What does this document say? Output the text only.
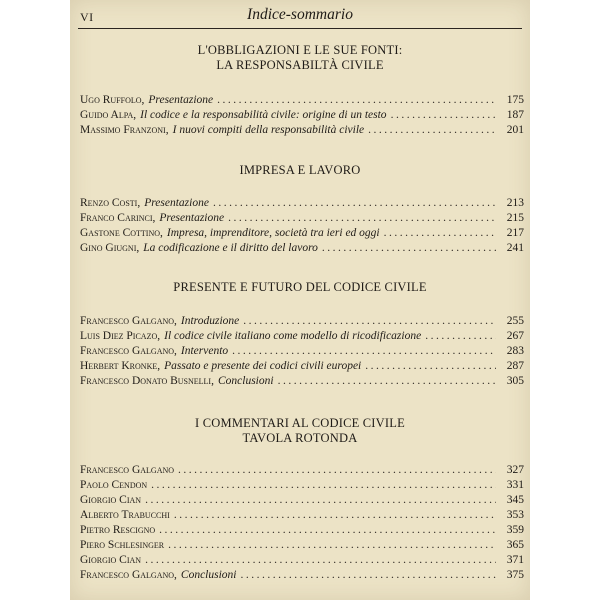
VI	Indice-sommario
L'OBBLIGAZIONI E LE SUE FONTI:
LA RESPONSABILTÀ CIVILE
Ugo Ruffolo , Presentazione .....	175
Guido Alpa , Il codice e la responsabilità civile: origine di un testo .....	187
Massimo Franzoni , I nuovi compiti della responsabilità civile .....	201
IMPRESA E LAVORO
Renzo Costi , Presentazione .....	213
Franco Carinci , Presentazione .....	215
Gastone Cottino , Impresa, imprenditore, società tra ieri ed oggi .....	217
Gino Giugni , La codificazione e il diritto del lavoro .....	241
PRESENTE E FUTURO DEL CODICE CIVILE
Francesco Galgano , Introduzione .....	255
Luis Diez Picazo , Il codice civile italiano come modello di ricodificazione .....	267
Francesco Galgano , Intervento .....	283
Herbert Kronke , Passato e presente dei codici civili europei .....	287
Francesco Donato Busnelli , Conclusioni .....	305
I COMMENTARI AL CODICE CIVILE
TAVOLA ROTONDA
Francesco Galgano .....	327
Paolo Cendon .....	331
Giorgio Cian .....	345
Alberto Trabucchi .....	353
Pietro Rescigno .....	359
Piero Schlesinger .....	365
Giorgio Cian .....	371
Francesco Galgano , Conclusioni .....	375
